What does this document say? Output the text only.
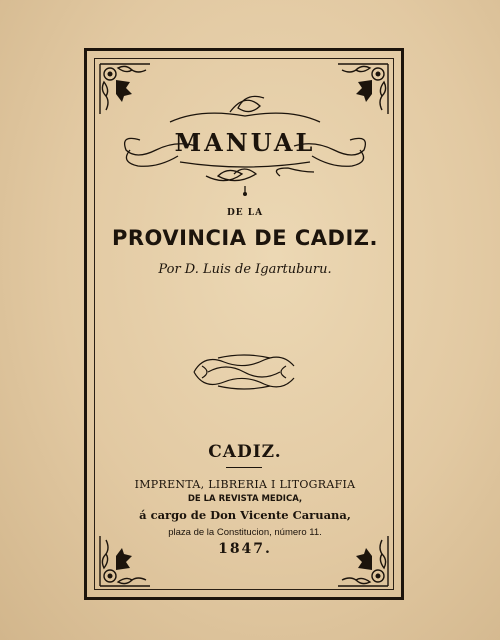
MANUAL
DE LA
PROVINCIA DE CADIZ.
Por D. Luis de Igartuburu.
CADIZ.
IMPRENTA, LIBRERIA I LITOGRAFIA
DE LA REVISTA MEDICA,
á cargo de Don Vicente Caruana,
plaza de la Constitucion, número 11.
1847.
